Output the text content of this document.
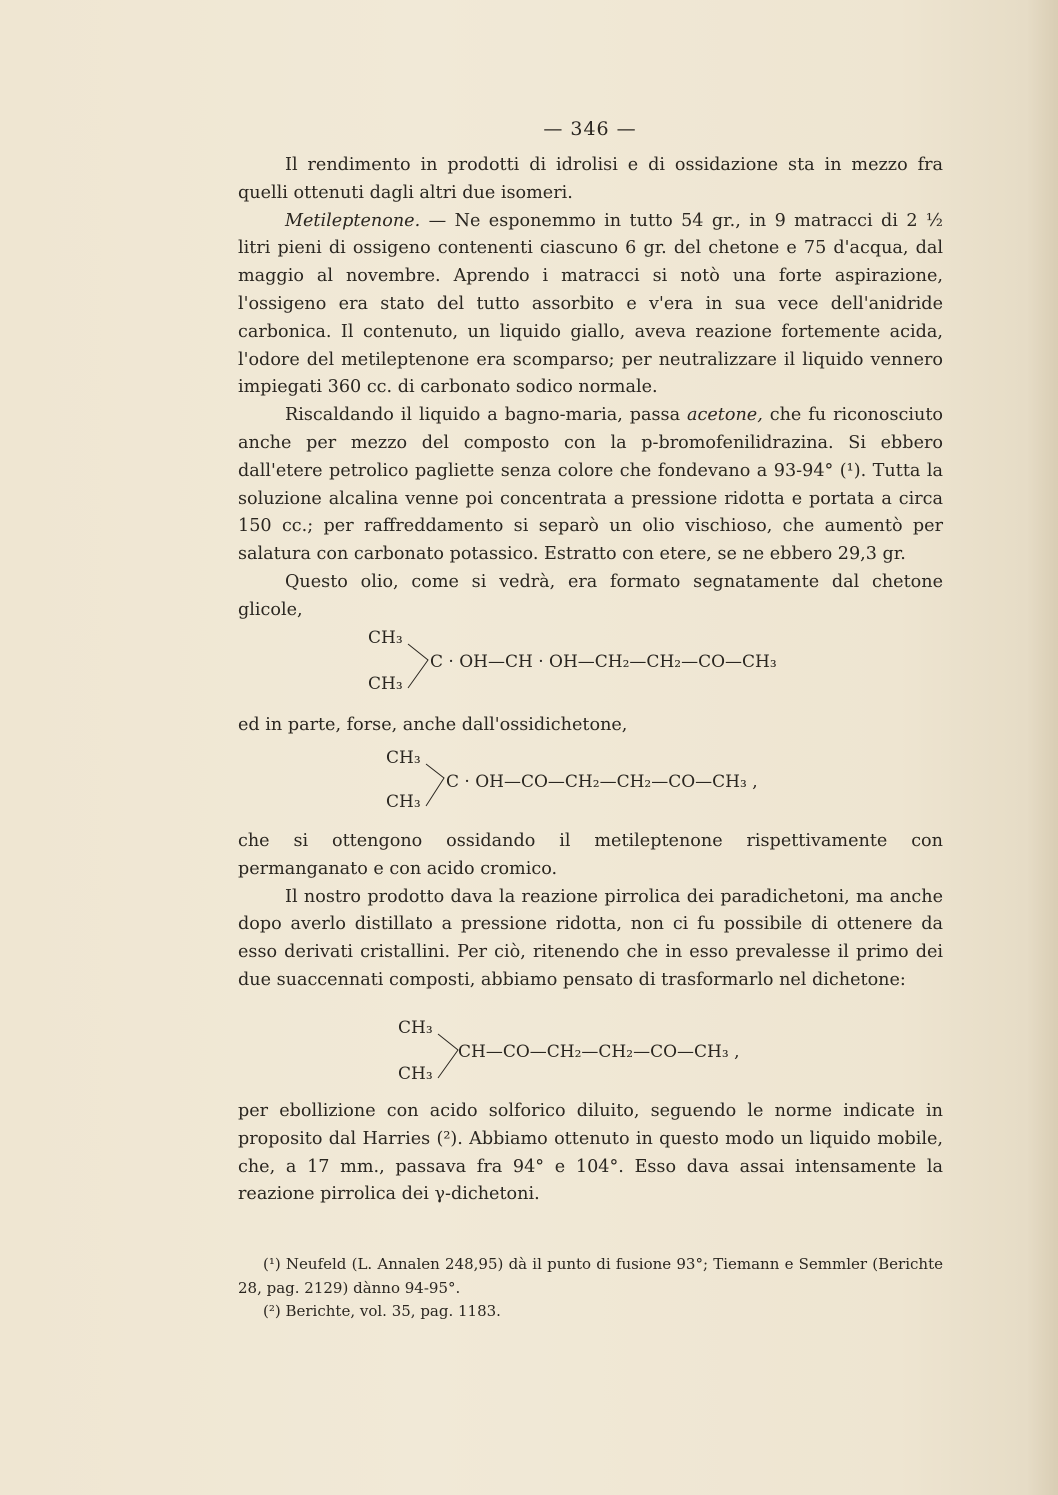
— 346 —

Il rendimento in prodotti di idrolisi e di ossidazione sta in mezzo fra quelli ottenuti dagli altri due isomeri.

Metileptenone. — Ne esponemmo in tutto 54 gr., in 9 matracci di 2 ½ litri pieni di ossigeno contenenti ciascuno 6 gr. del chetone e 75 d'acqua, dal maggio al novembre. Aprendo i matracci si notò una forte aspirazione, l'ossigeno era stato del tutto assorbito e v'era in sua vece dell'anidride carbonica. Il contenuto, un liquido giallo, aveva reazione fortemente acida, l'odore del metileptenone era scomparso; per neutralizzare il liquido vennero impiegati 360 cc. di carbonato sodico normale.

Riscaldando il liquido a bagno-maria, passa acetone, che fu riconosciuto anche per mezzo del composto con la p-bromofenilidrazina. Si ebbero dall'etere petrolico pagliette senza colore che fondevano a 93-94° (¹). Tutta la soluzione alcalina venne poi concentrata a pressione ridotta e portata a circa 150 cc.; per raffreddamento si separò un olio vischioso, che aumentò per salatura con carbonato potassico. Estratto con etere, se ne ebbero 29,3 gr.

Questo olio, come si vedrà, era formato segnatamente dal chetone glicole,

CH₃
CH₃
C · OH—CH · OH—CH₂—CH₂—CO—CH₃

ed in parte, forse, anche dall'ossidichetone,

CH₃
CH₃
C · OH—CO—CH₂—CH₂—CO—CH₃ ,

che si ottengono ossidando il metileptenone rispettivamente con permanganato e con acido cromico.

Il nostro prodotto dava la reazione pirrolica dei paradichetoni, ma anche dopo averlo distillato a pressione ridotta, non ci fu possibile di ottenere da esso derivati cristallini. Per ciò, ritenendo che in esso prevalesse il primo dei due suaccennati composti, abbiamo pensato di trasformarlo nel dichetone:

CH₃
CH₃
CH—CO—CH₂—CH₂—CO—CH₃ ,

per ebollizione con acido solforico diluito, seguendo le norme indicate in proposito dal Harries (²). Abbiamo ottenuto in questo modo un liquido mobile, che, a 17 mm., passava fra 94° e 104°. Esso dava assai intensamente la reazione pirrolica dei γ-dichetoni.

(¹) Neufeld (L. Annalen 248,95) dà il punto di fusione 93°; Tiemann e Semmler (Berichte 28, pag. 2129) dànno 94-95°.

(²) Berichte, vol. 35, pag. 1183.
